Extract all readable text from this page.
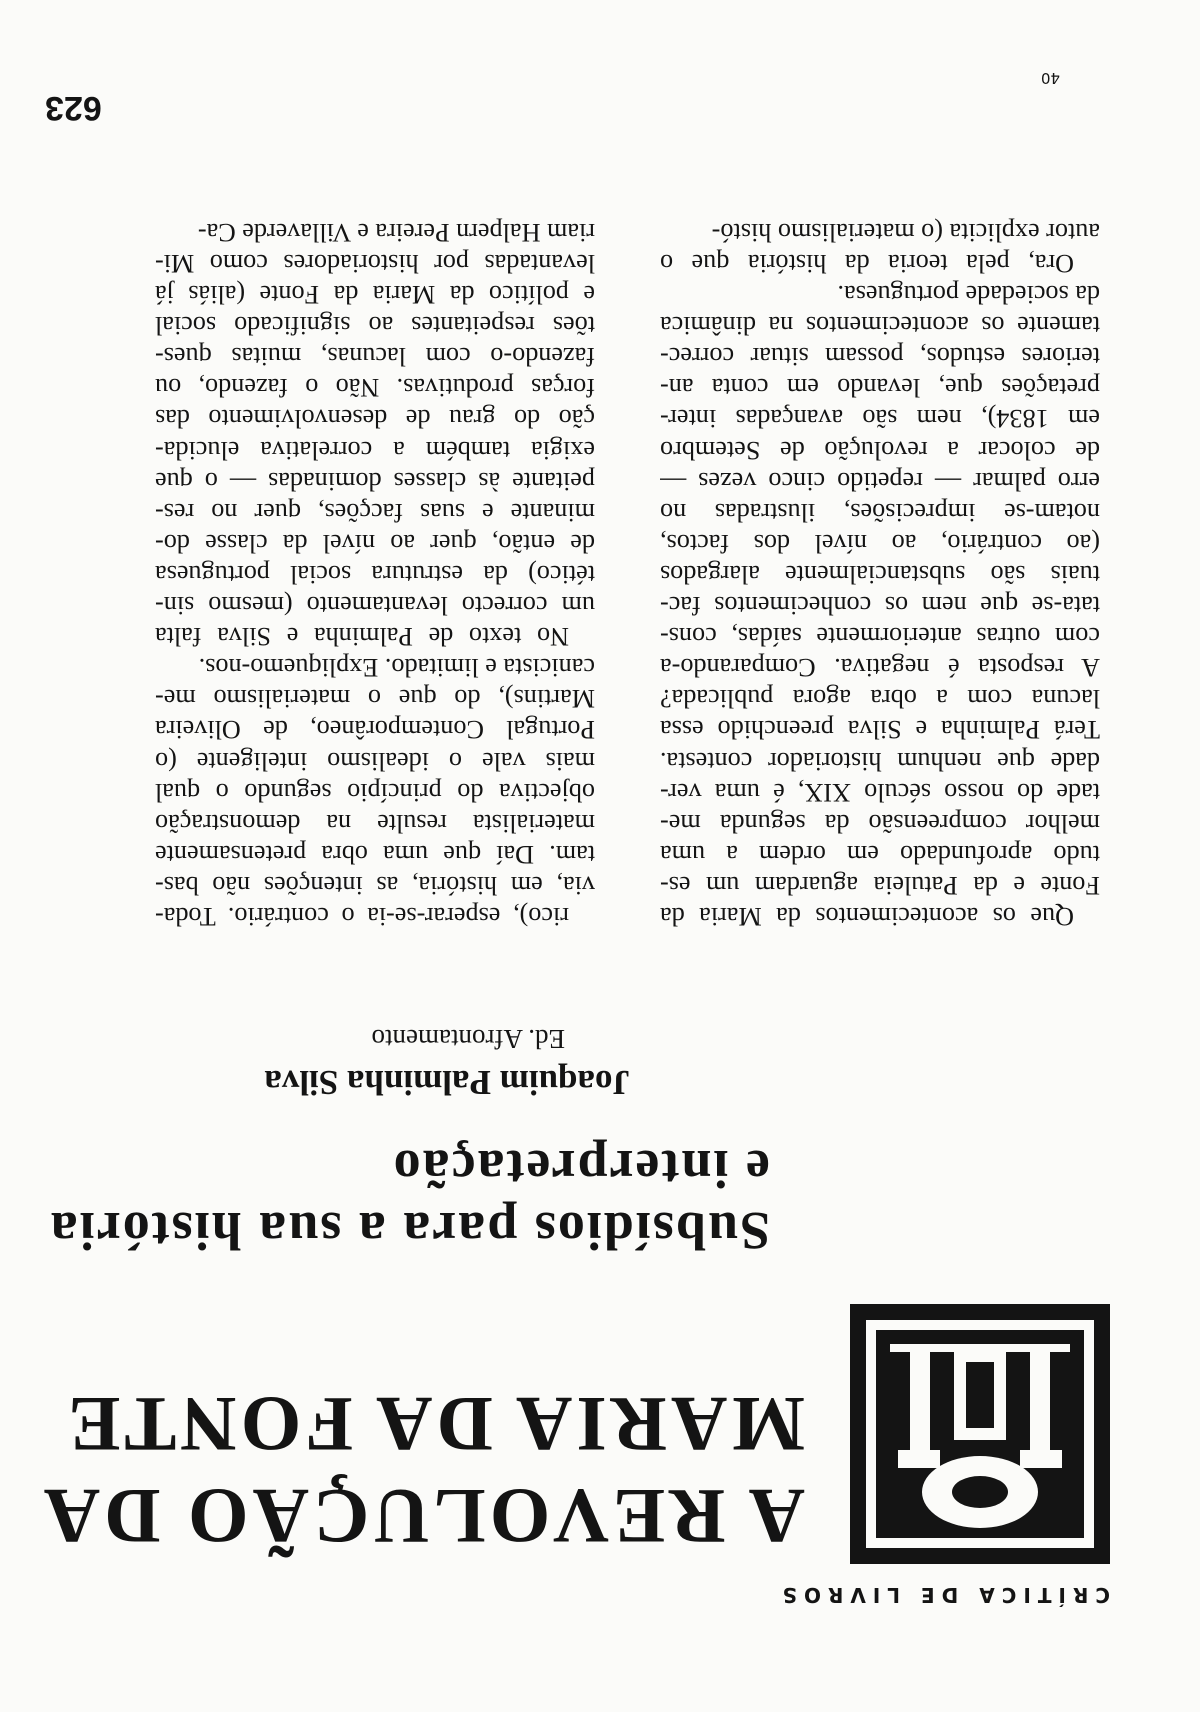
CRÍTICA DE LIVROS
A REVOLUÇÃO DA
MARIA DA FONTE
Subsídios para a sua história
e interpretação
Joaquim Palminha Silva
Ed. Afrontamento
Que os acontecimentos da Maria da
Fonte e da Patuleia aguardam um es-
tudo aprofundado em ordem a uma
melhor compreensão da segunda me-
tade do nosso século XIX, é uma ver-
dade que nenhum historiador contesta.
Terá Palminha e Silva preenchido essa
lacuna com a obra agora publicada?
A resposta é negativa. Comparando-a
com outras anteriormente saídas, cons-
tata-se que nem os conhecimentos fac-
tuais são substancialmente alargados
(ao contrário, ao nível dos factos,
notam-se imprecisões, ilustradas no
erro palmar — repetido cinco vezes —
de colocar a revolução de Setembro
em 1834), nem são avançadas inter-
pretações que, levando em conta an-
teriores estudos, possam situar correc-
tamente os acontecimentos na dinâmica
da sociedade portuguesa.
Ora, pela teoria da história que o
autor explicita (o materialismo histó-
rico), esperar-se-ia o contrário. Toda-
via, em história, as intenções não bas-
tam. Daí que uma obra pretensamente
materialista resulte na demonstração
objectiva do princípio segundo o qual
mais vale o idealismo inteligente (o
Portugal Contemporâneo, de Oliveira
Martins), do que o materialismo me-
canicista e limitado. Expliquemo-nos.
No texto de Palminha e Silva falta
um correcto levantamento (mesmo sin-
tético) da estrutura social portuguesa
de então, quer ao nível da classe do-
minante e suas facções, quer no res-
peitante às classes dominadas — o que
exigia também a correlativa elucida-
ção do grau de desenvolvimento das
forças produtivas. Não o fazendo, ou
fazendo-o com lacunas, muitas ques-
tões respeitantes ao significado social
e político da Maria da Fonte (aliás já
levantadas por historiadores como Mi-
riam Halpern Pereira e Villaverde Ca-
623
40
